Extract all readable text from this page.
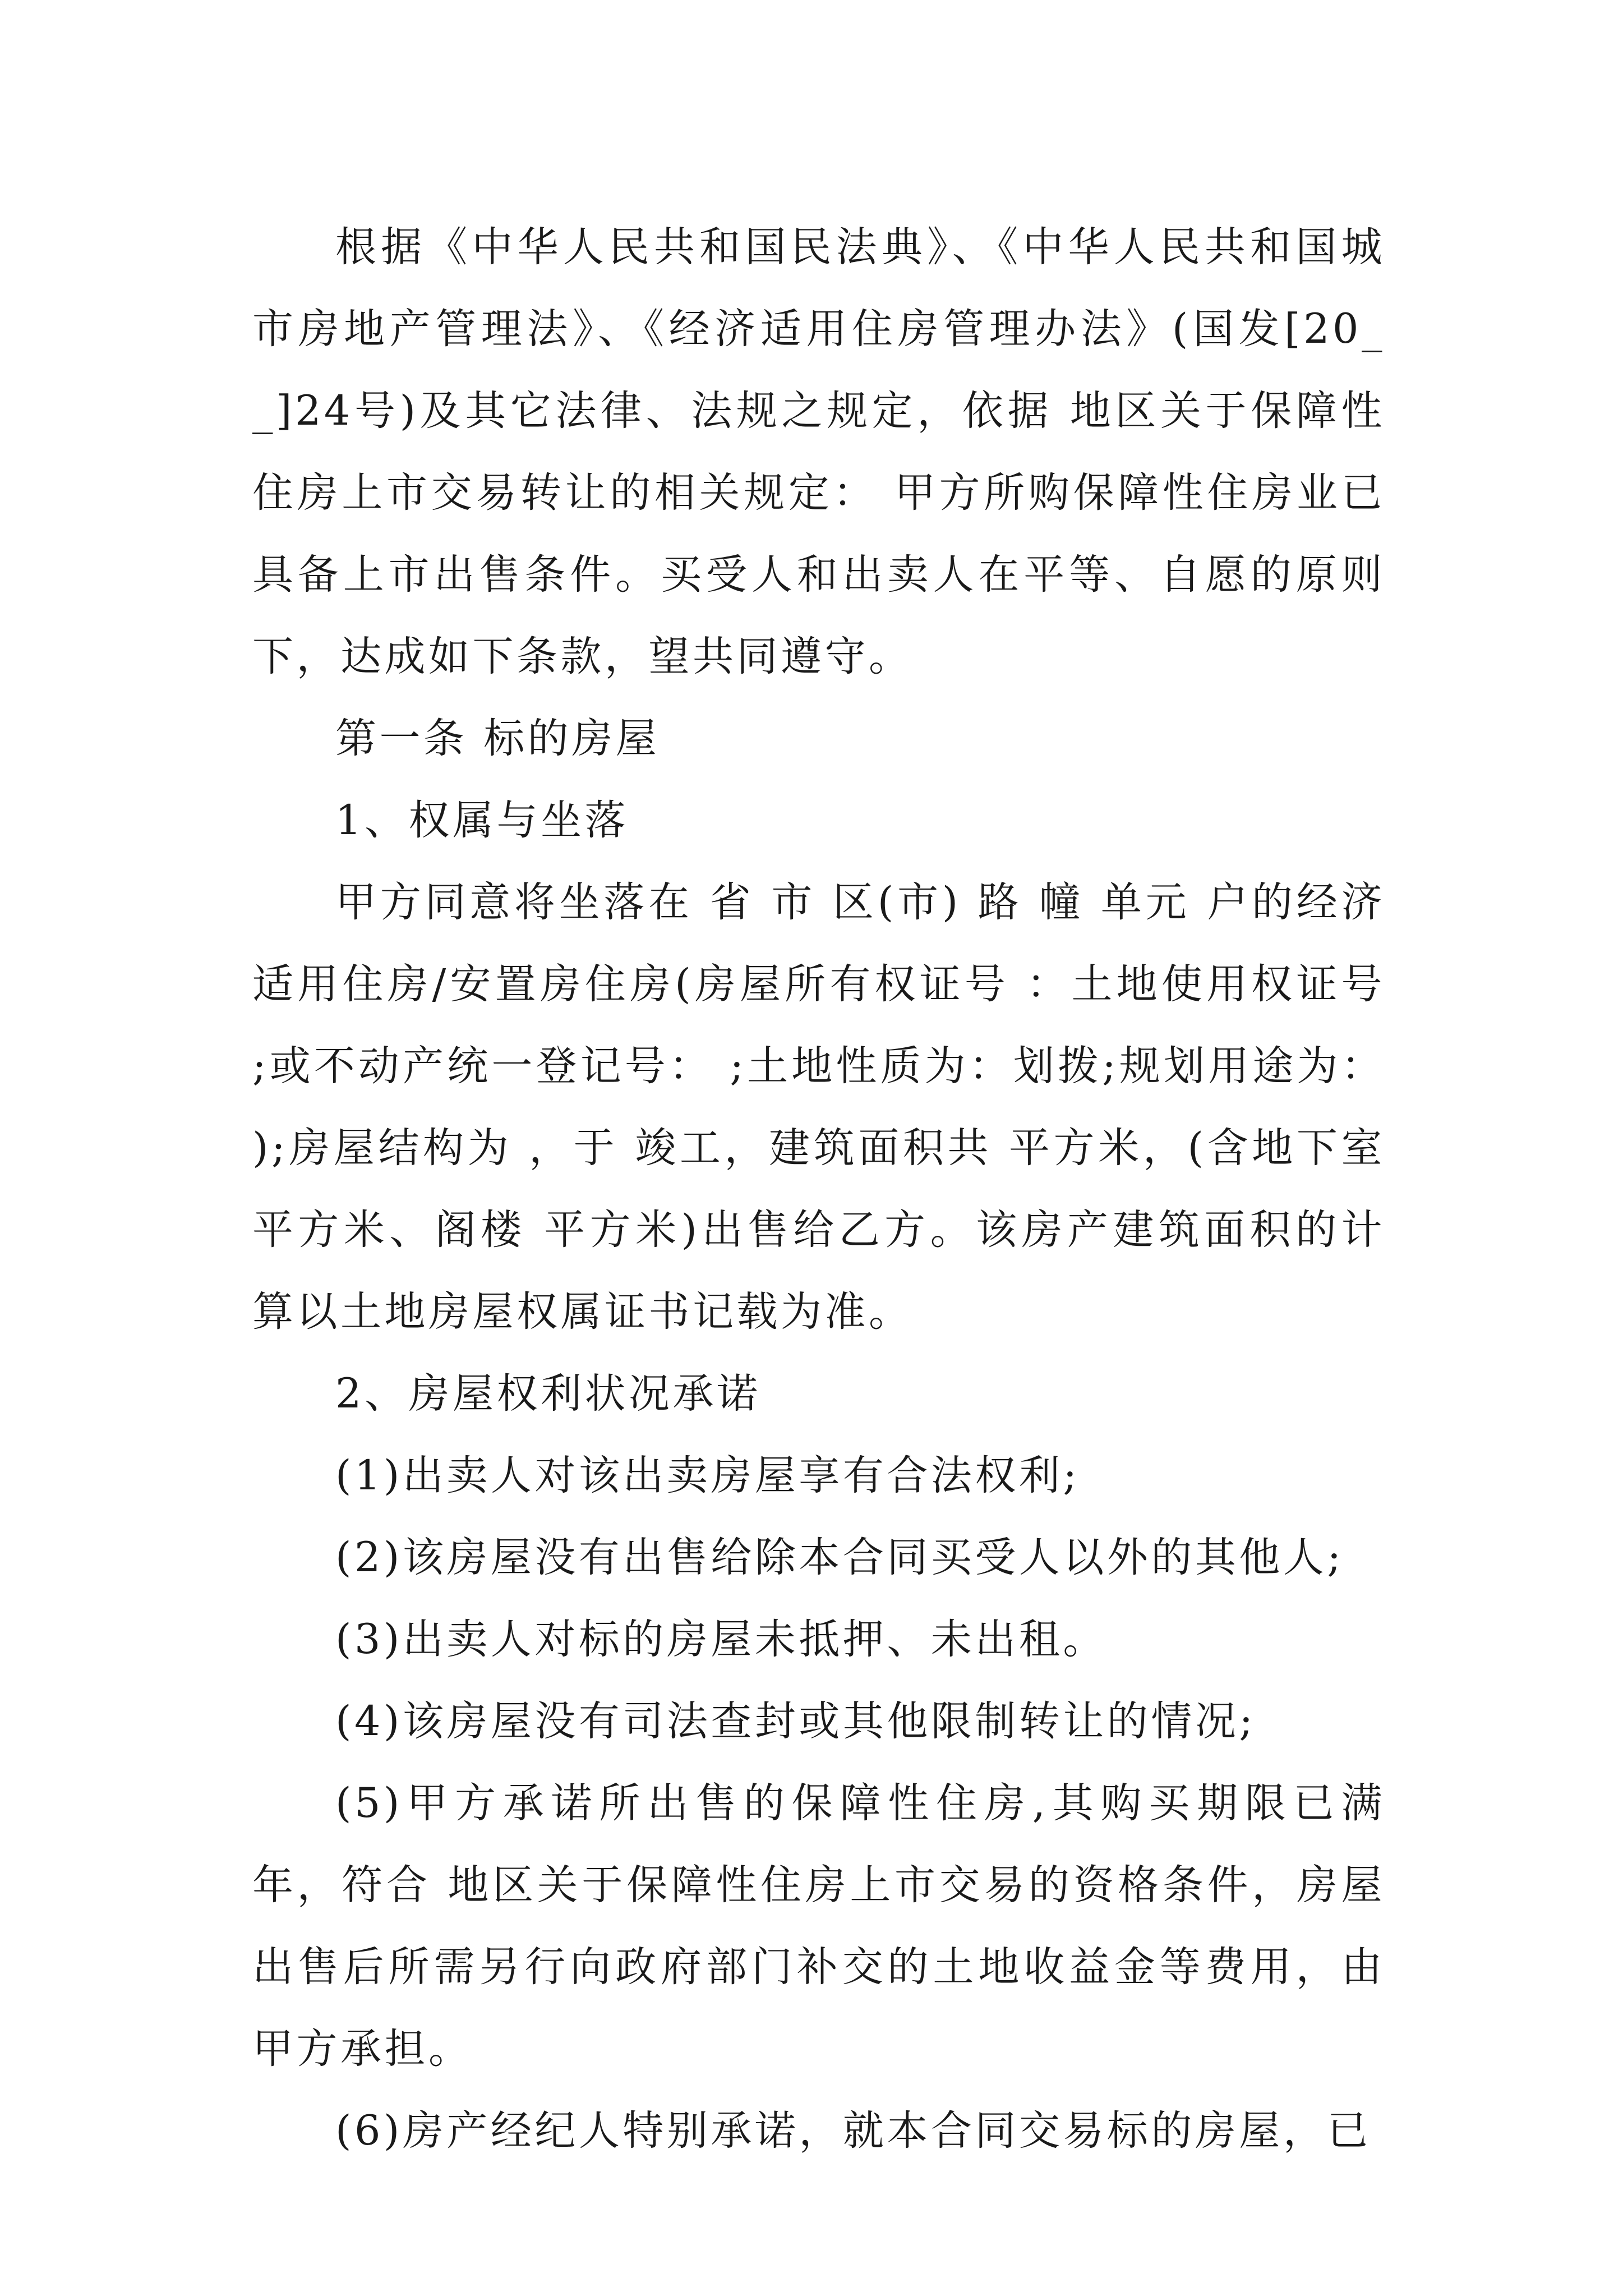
根据《中华人民共和国民法典》、《中华人民共和国城市房地产管理法》、《经济适用住房管理办法》(国发[20__]24号)及其它法律、法规之规定，依据 地区关于保障性住房上市交易转让的相关规定： 甲方所购保障性住房业已具备上市出售条件。买受人和出卖人在平等、自愿的原则下，达成如下条款，望共同遵守。

第一条 标的房屋

1、权属与坐落

甲方同意将坐落在 省 市 区(市) 路 幢 单元 户的经济适用住房/安置房住房(房屋所有权证号 ：土地使用权证号 ;或不动产统一登记号： ;土地性质为：划拨;规划用途为： );房屋结构为 ，于 竣工，建筑面积共 平方米，(含地下室 平方米、阁楼 平方米)出售给乙方。该房产建筑面积的计算以土地房屋权属证书记载为准。

2、房屋权利状况承诺

(1)出卖人对该出卖房屋享有合法权利;

(2)该房屋没有出售给除本合同买受人以外的其他人;

(3)出卖人对标的房屋未抵押、未出租。

(4)该房屋没有司法查封或其他限制转让的情况;

(5)甲方承诺所出售的保障性住房,其购买期限已满 年，符合 地区关于保障性住房上市交易的资格条件，房屋出售后所需另行向政府部门补交的土地收益金等费用，由甲方承担。

(6)房产经纪人特别承诺，就本合同交易标的房屋，已
